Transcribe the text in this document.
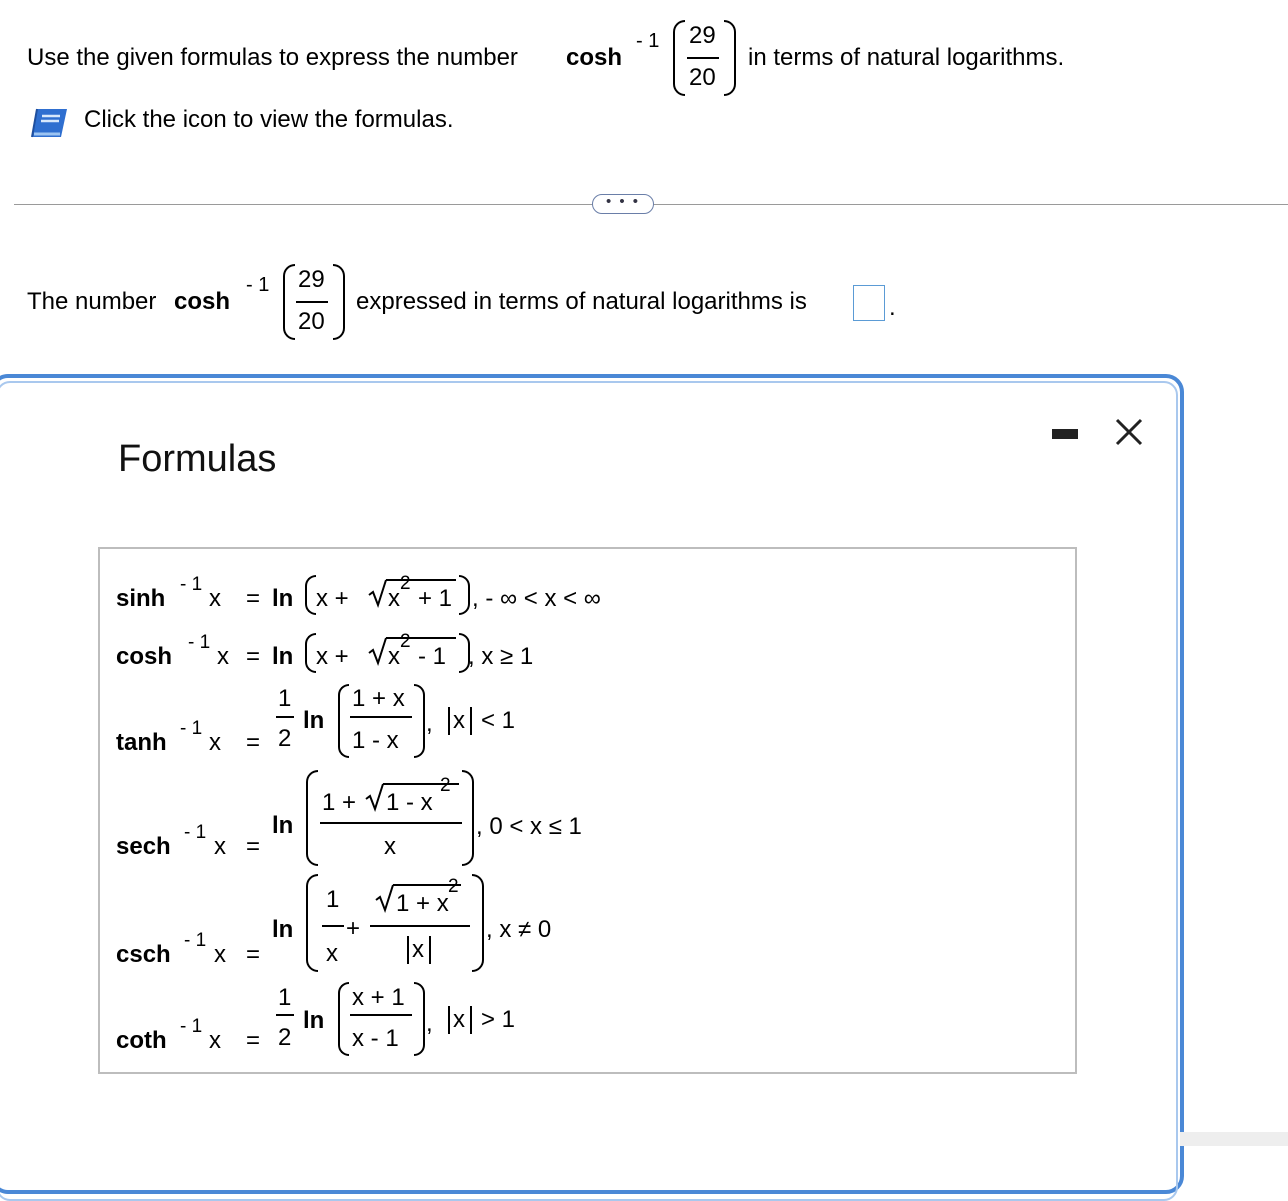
Use the given formulas to express the number cosh
- 1 29
20
in terms of natural logarithms.
Click the icon to view the formulas.
• • •
The number cosh
- 1 29
20
expressed in terms of natural logarithms is	.
Formulas
sinh
- 1
x = ln x + x
2
+ 1 , - ∞ < x < ∞
cosh
- 1
x = ln x + x
2
- 1 , x ≥ 1
tanh
- 1
x =
1
2
ln
1 + x
1 - x
, x < 1
sech
- 1
x =
ln
1 + 1 - x
2
x
, 0 < x ≤ 1
csch
- 1
x =
ln
1
x
+
1 + x
2
x
, x ≠ 0
coth
- 1
x =
1
2
ln
x + 1
x - 1
, x > 1
